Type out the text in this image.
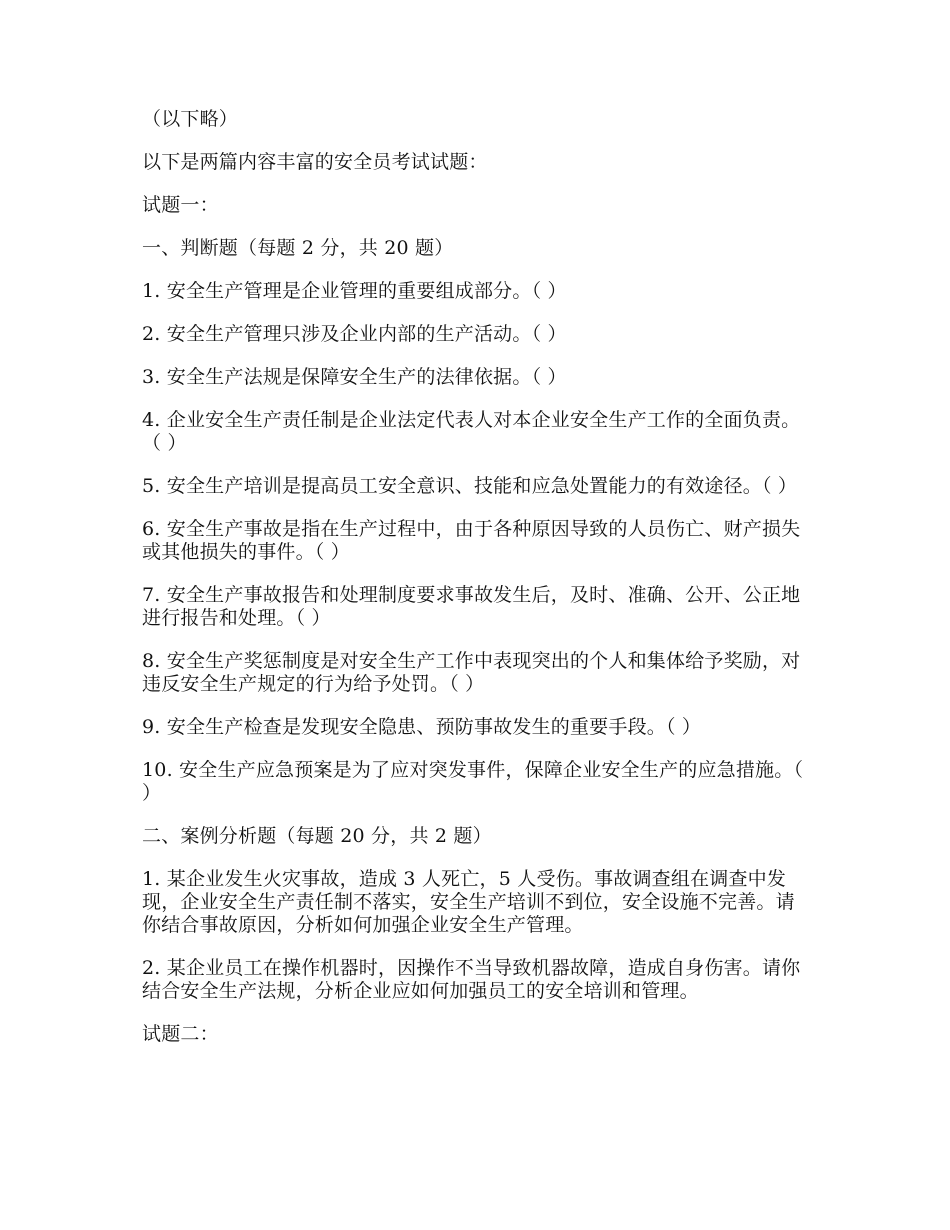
（以下略）

以下是两篇内容丰富的安全员考试试题：

试题一：

一、判断题（每题 2 分，共 20 题）

1. 安全生产管理是企业管理的重要组成部分。（ ）

2. 安全生产管理只涉及企业内部的生产活动。（ ）

3. 安全生产法规是保障安全生产的法律依据。（ ）

4. 企业安全生产责任制是企业法定代表人对本企业安全生产工作的全面负责。（ ）

5. 安全生产培训是提高员工安全意识、技能和应急处置能力的有效途径。（ ）

6. 安全生产事故是指在生产过程中，由于各种原因导致的人员伤亡、财产损失或其他损失的事件。（ ）

7. 安全生产事故报告和处理制度要求事故发生后，及时、准确、公开、公正地进行报告和处理。（ ）

8. 安全生产奖惩制度是对安全生产工作中表现突出的个人和集体给予奖励，对违反安全生产规定的行为给予处罚。（ ）

9. 安全生产检查是发现安全隐患、预防事故发生的重要手段。（ ）

10. 安全生产应急预案是为了应对突发事件，保障企业安全生产的应急措施。（ ）

二、案例分析题（每题 20 分，共 2 题）

1. 某企业发生火灾事故，造成 3 人死亡，5 人受伤。事故调查组在调查中发现，企业安全生产责任制不落实，安全生产培训不到位，安全设施不完善。请你结合事故原因，分析如何加强企业安全生产管理。

2. 某企业员工在操作机器时，因操作不当导致机器故障，造成自身伤害。请你结合安全生产法规，分析企业应如何加强员工的安全培训和管理。

试题二：
